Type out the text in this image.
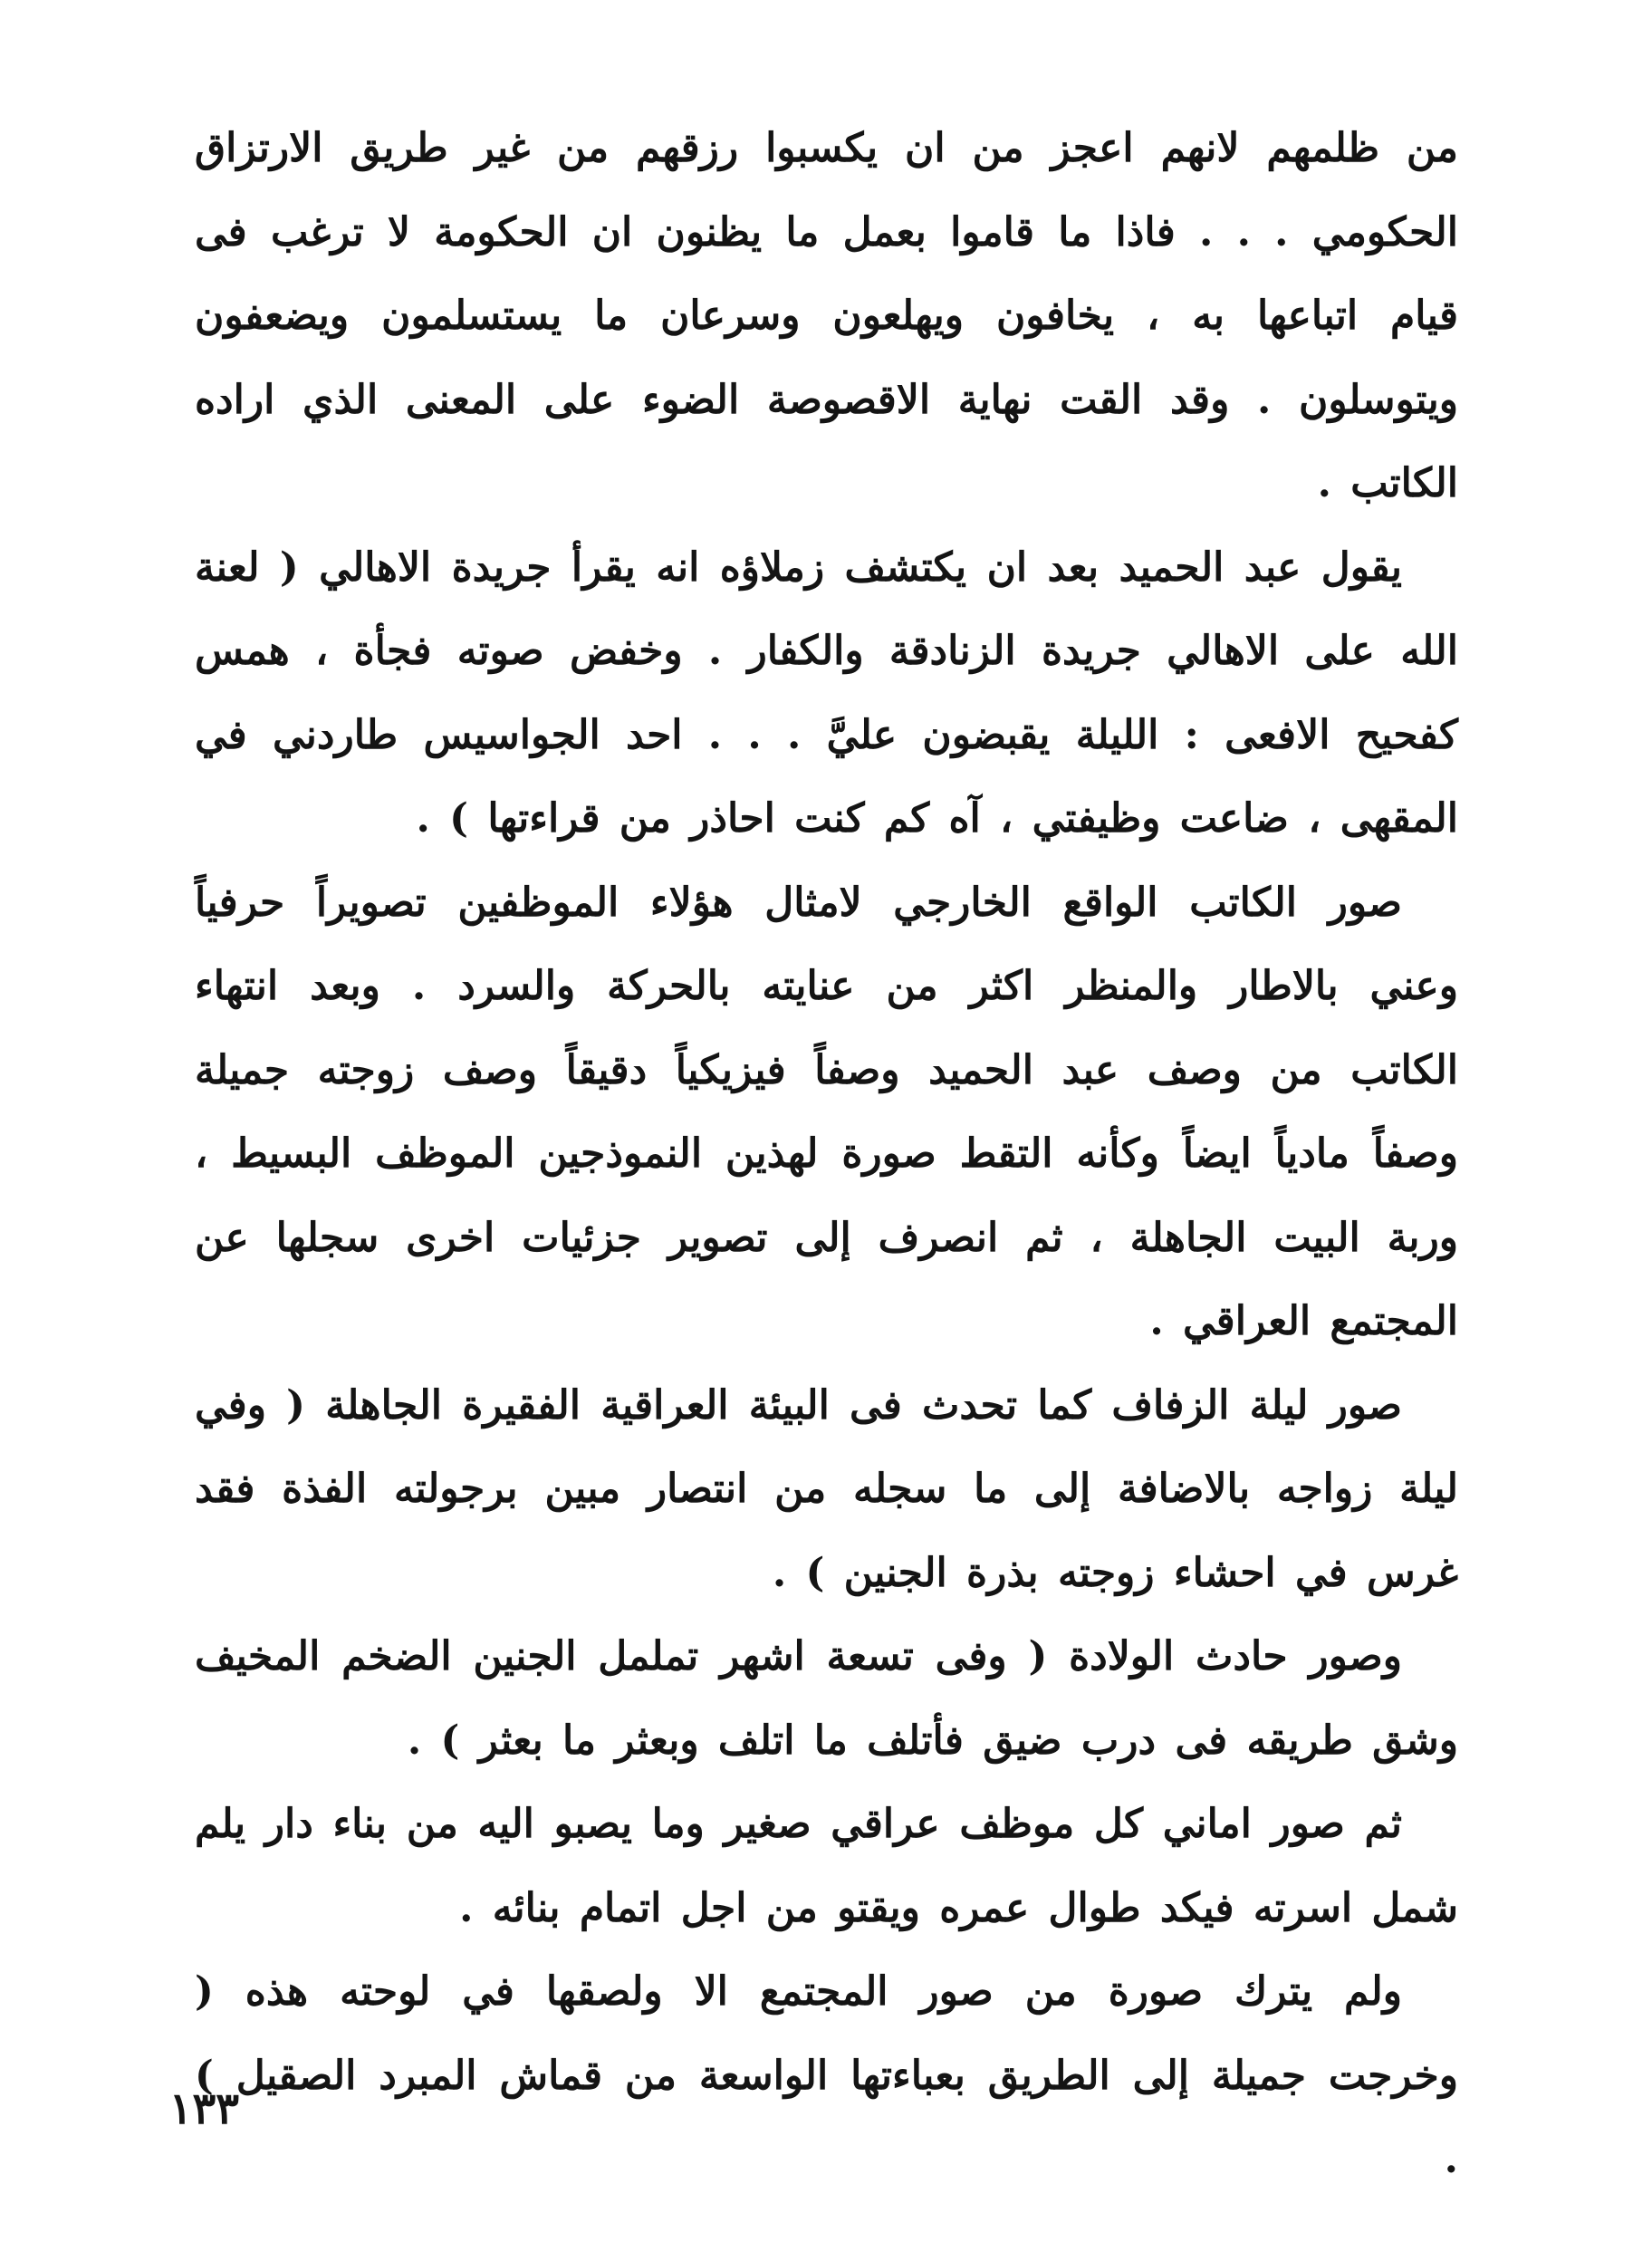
من ظلمهم لانهم اعجز من ان يكسبوا رزقهم من غير طريق الارتزاق الحكومي . . . فاذا ما قاموا بعمل ما يظنون ان الحكومة لا ترغب فى قيام اتباعها به ، يخافون ويهلعون وسرعان ما يستسلمون ويضعفون ويتوسلون . وقد القت نهاية الاقصوصة الضوء على المعنى الذي اراده الكاتب .

يقول عبد الحميد بعد ان يكتشف زملاؤه انه يقرأ جريدة الاهالي ( لعنة الله على الاهالي جريدة الزنادقة والكفار . وخفض صوته فجأة ، همس كفحيح الافعى : الليلة يقبضون عليَّ . . . احد الجواسيس طاردني في المقهى ، ضاعت وظيفتي ، آه كم كنت احاذر من قراءتها ) .

صور الكاتب الواقع الخارجي لامثال هؤلاء الموظفين تصويراً حرفياً وعني بالاطار والمنظر اكثر من عنايته بالحركة والسرد . وبعد انتهاء الكاتب من وصف عبد الحميد وصفاً فيزيكياً دقيقاً وصف زوجته جميلة وصفاً مادياً ايضاً وكأنه التقط صورة لهذين النموذجين الموظف البسيط ، وربة البيت الجاهلة ، ثم انصرف إلى تصوير جزئيات اخرى سجلها عن المجتمع العراقي .

صور ليلة الزفاف كما تحدث فى البيئة العراقية الفقيرة الجاهلة ( وفي ليلة زواجه بالاضافة إلى ما سجله من انتصار مبين برجولته الفذة فقد غرس في احشاء زوجته بذرة الجنين ) .

وصور حادث الولادة ( وفى تسعة اشهر تململ الجنين الضخم المخيف وشق طريقه فى درب ضيق فأتلف ما اتلف وبعثر ما بعثر ) .

ثم صور اماني كل موظف عراقي صغير وما يصبو اليه من بناء دار يلم شمل اسرته فيكد طوال عمره ويقتو من اجل اتمام بنائه .

ولم يترك صورة من صور المجتمع الا ولصقها في لوحته هذه ( وخرجت جميلة إلى الطريق بعباءتها الواسعة من قماش المبرد الصقيل ) .

١٣٣
